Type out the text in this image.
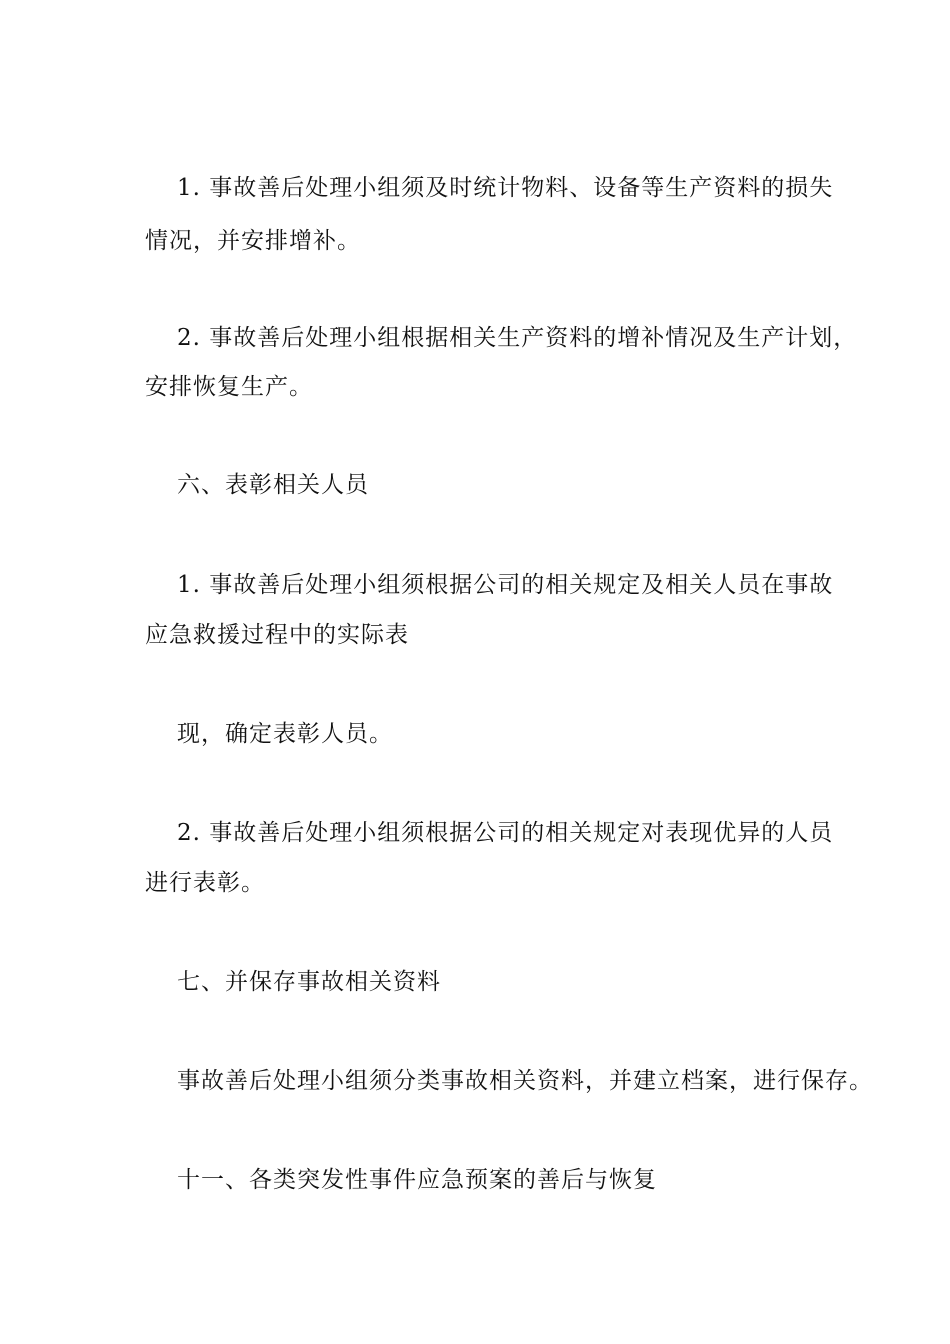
1. 事故善后处理小组须及时统计物料、设备等生产资料的损失
情况，并安排增补。
2. 事故善后处理小组根据相关生产资料的增补情况及生产计划，
安排恢复生产。
六、表彰相关人员
1. 事故善后处理小组须根据公司的相关规定及相关人员在事故
应急救援过程中的实际表
现，确定表彰人员。
2. 事故善后处理小组须根据公司的相关规定对表现优异的人员
进行表彰。
七、并保存事故相关资料
事故善后处理小组须分类事故相关资料，并建立档案，进行保存。
十一、各类突发性事件应急预案的善后与恢复
